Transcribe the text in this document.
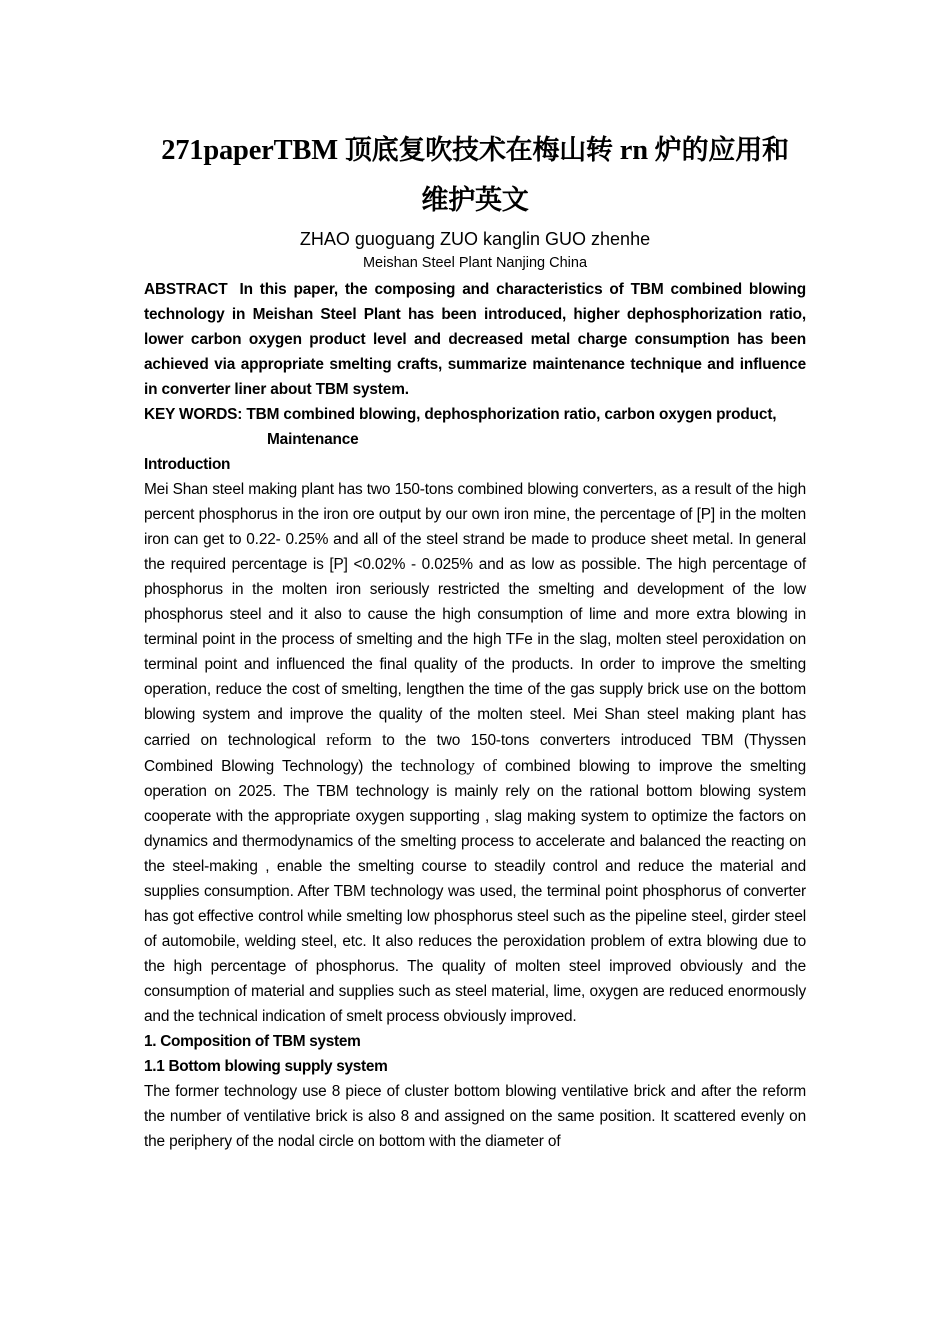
271paperTBM 顶底复吹技术在梅山转 rn 炉的应用和
维护英文

ZHAO guoguang ZUO kanglin GUO zhenhe

Meishan Steel Plant Nanjing China

ABSTRACT In this paper, the composing and characteristics of TBM combined blowing technology in Meishan Steel Plant has been introduced, higher dephosphorization ratio, lower carbon oxygen product level and decreased metal charge consumption has been achieved via appropriate smelting crafts, summarize maintenance technique and influence in converter liner about TBM system.

KEY WORDS: TBM combined blowing, dephosphorization ratio, carbon oxygen product,
Maintenance

Introduction

Mei Shan steel making plant has two 150-tons combined blowing converters, as a result of the high percent phosphorus in the iron ore output by our own iron mine, the percentage of [P] in the molten iron can get to 0.22- 0.25% and all of the steel strand be made to produce sheet metal. In general the required percentage is [P] <0.02% - 0.025% and as low as possible. The high percentage of phosphorus in the molten iron seriously restricted the smelting and development of the low phosphorus steel and it also to cause the high consumption of lime and more extra blowing in terminal point in the process of smelting and the high TFe in the slag, molten steel peroxidation on terminal point and influenced the final quality of the products. In order to improve the smelting operation, reduce the cost of smelting, lengthen the time of the gas supply brick use on the bottom blowing system and improve the quality of the molten steel. Mei Shan steel making plant has carried on technological reform to the two 150-tons converters introduced TBM (Thyssen Combined Blowing Technology) the technology of combined blowing to improve the smelting operation on 2025. The TBM technology is mainly rely on the rational bottom blowing system cooperate with the appropriate oxygen supporting , slag making system to optimize the factors on dynamics and thermodynamics of the smelting process to accelerate and balanced the reacting on the steel-making , enable the smelting course to steadily control and reduce the material and supplies consumption. After TBM technology was used, the terminal point phosphorus of converter has got effective control while smelting low phosphorus steel such as the pipeline steel, girder steel of automobile, welding steel, etc. It also reduces the peroxidation problem of extra blowing due to the high percentage of phosphorus. The quality of molten steel improved obviously and the consumption of material and supplies such as steel material, lime, oxygen are reduced enormously and the technical indication of smelt process obviously improved.

1. Composition of TBM system
1.1 Bottom blowing supply system

The former technology use 8 piece of cluster bottom blowing ventilative brick and after the reform the number of ventilative brick is also 8 and assigned on the same position. It scattered evenly on the periphery of the nodal circle on bottom with the diameter of
